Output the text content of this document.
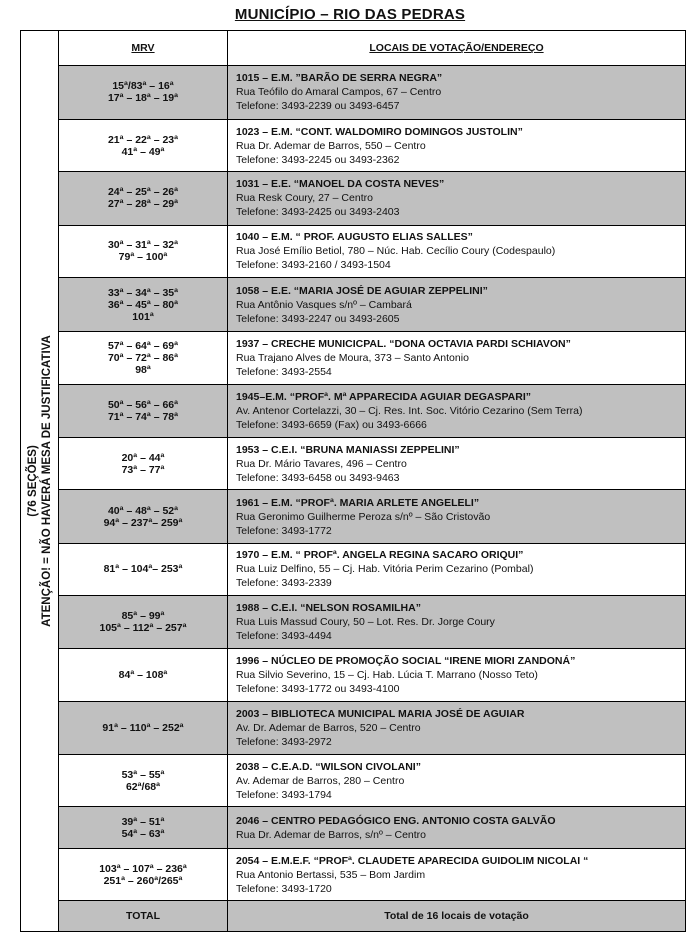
MUNICÍPIO – RIO DAS PEDRAS
(76 SEÇÕES) ATENÇÃO! = NÃO HAVERÁ MESA DE JUSTIFICATIVA
MRV	LOCAIS DE VOTAÇÃO/ENDEREÇO
15ª/83ª – 16ª
17ª – 18ª – 19ª
1015 – E.M. ”BARÃO DE SERRA NEGRA”
Rua Teófilo do Amaral Campos, 67 – Centro
Telefone: 3493-2239 ou 3493-6457
21ª – 22ª – 23ª
41ª – 49ª
1023 – E.M. “CONT. WALDOMIRO DOMINGOS JUSTOLIN”
Rua Dr. Ademar de Barros, 550 – Centro
Telefone: 3493-2245 ou 3493-2362
24ª – 25ª – 26ª
27ª – 28ª – 29ª
1031 – E.E. “MANOEL DA COSTA NEVES”
Rua Resk Coury, 27 – Centro
Telefone: 3493-2425 ou 3493-2403
30ª – 31ª – 32ª
79ª – 100ª
1040 – E.M. “ PROF. AUGUSTO ELIAS SALLES”
Rua José Emílio Betiol, 780 – Núc. Hab. Cecílio Coury (Codespaulo)
Telefone: 3493-2160 / 3493-1504
33ª – 34ª – 35ª
36ª – 45ª – 80ª
101ª
1058 – E.E. “MARIA JOSÉ DE AGUIAR ZEPPELINI”
Rua Antônio Vasques s/nº – Cambará
Telefone: 3493-2247 ou 3493-2605
57ª – 64ª – 69ª
70ª – 72ª – 86ª
98ª
1937 – CRECHE MUNICICPAL. “DONA OCTAVIA PARDI SCHIAVON”
Rua Trajano Alves de Moura, 373 – Santo Antonio
Telefone: 3493-2554
50ª – 56ª – 66ª
71ª – 74ª – 78ª
1945–E.M. “PROFª. Mª APPARECIDA AGUIAR DEGASPARI”
Av. Antenor Cortelazzi, 30 – Cj. Res. Int. Soc. Vitório Cezarino (Sem Terra)
Telefone: 3493-6659 (Fax) ou 3493-6666
20ª – 44ª
73ª – 77ª
1953 – C.E.I. “BRUNA MANIASSI ZEPPELINI”
Rua Dr. Mário Tavares, 496 – Centro
Telefone: 3493-6458 ou 3493-9463
40ª – 48ª – 52ª
94ª – 237ª– 259ª
1961 – E.M. “PROFª. MARIA ARLETE ANGELELI”
Rua Geronimo Guilherme Peroza s/nº – São Cristovão
Telefone: 3493-1772
81ª – 104ª– 253ª
1970 – E.M. “ PROFª. ANGELA REGINA SACARO ORIQUI”
Rua Luiz Delfino, 55 – Cj. Hab. Vitória Perim Cezarino (Pombal)
Telefone: 3493-2339
85ª – 99ª
105ª – 112ª – 257ª
1988 – C.E.I. “NELSON ROSAMILHA”
Rua Luis Massud Coury, 50 – Lot. Res. Dr. Jorge Coury
Telefone: 3493-4494
84ª – 108ª
1996 – NÚCLEO DE PROMOÇÃO SOCIAL “IRENE MIORI ZANDONÁ”
Rua Silvio Severino, 15 – Cj. Hab. Lúcia T. Marrano (Nosso Teto)
Telefone: 3493-1772 ou 3493-4100
91ª – 110ª – 252ª
2003 – BIBLIOTECA MUNICIPAL MARIA JOSÉ DE AGUIAR
Av. Dr. Ademar de Barros, 520 – Centro
Telefone: 3493-2972
53ª – 55ª
62ª/68ª
2038 – C.E.A.D. “WILSON CIVOLANI”
Av. Ademar de Barros, 280 – Centro
Telefone: 3493-1794
39ª – 51ª
54ª – 63ª
2046 – CENTRO PEDAGÓGICO ENG. ANTONIO COSTA GALVÃO
Rua Dr. Ademar de Barros, s/nº – Centro
103ª – 107ª – 236ª
251ª – 260ª/265ª
2054 – E.M.E.F. “PROFª. CLAUDETE APARECIDA GUIDOLIM NICOLAI “
Rua Antonio Bertassi, 535 – Bom Jardim
Telefone: 3493-1720
TOTAL	Total de 16 locais de votação
